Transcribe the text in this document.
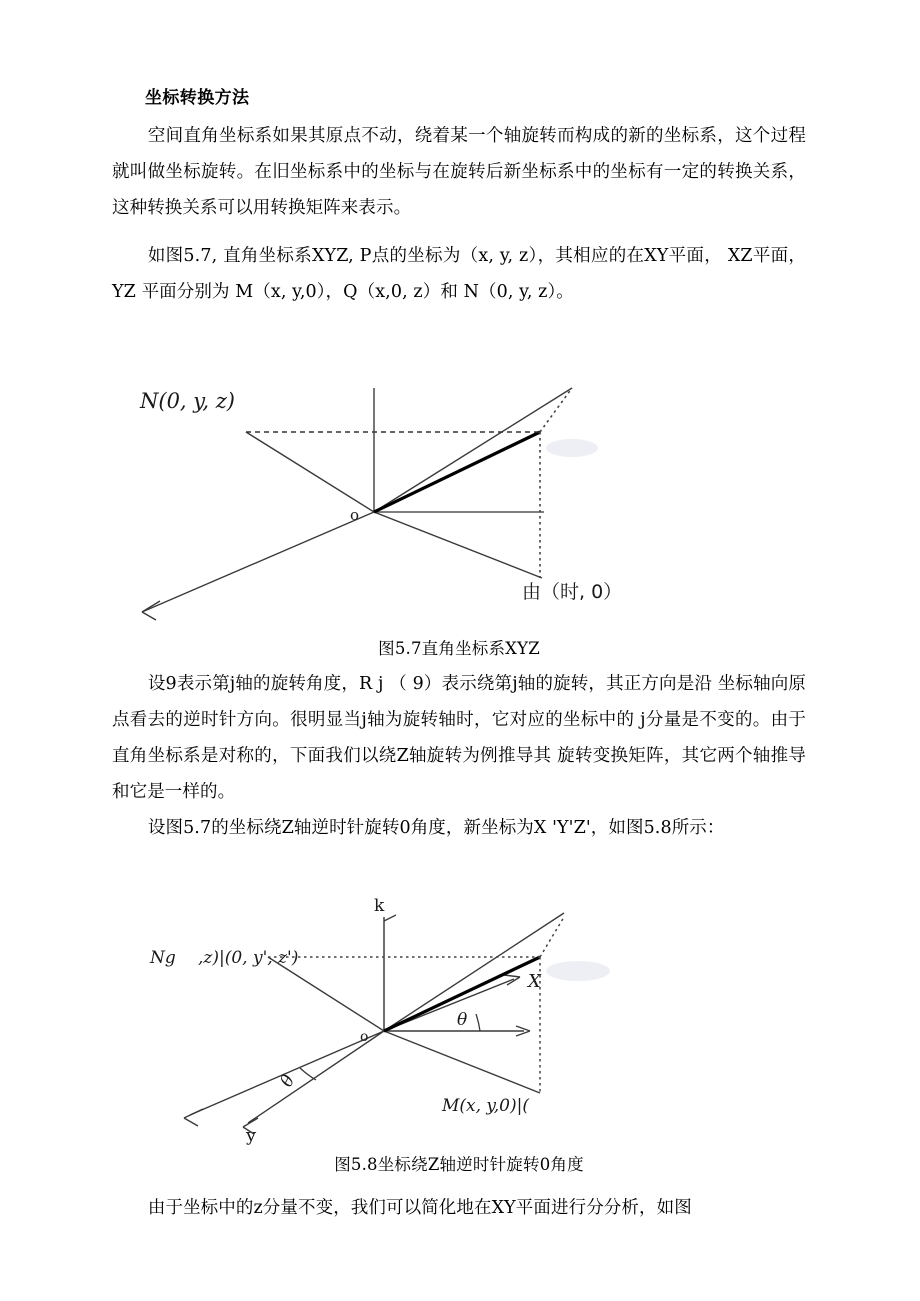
坐标转换方法

空间直角坐标系如果其原点不动，绕着某一个轴旋转而构成的新的坐标系，这个过程就叫做坐标旋转。在旧坐标系中的坐标与在旋转后新坐标系中的坐标有一定的转换关系，这种转换关系可以用转换矩阵来表示。

如图5.7, 直角坐标系XYZ, P点的坐标为（x, y, z），其相应的在XY平面， XZ平面，YZ 平面分别为 M（x, y,0），Q（x,0, z）和 N（0, y, z）。

N(0, y, z)
o
由（时, 0）

图5.7直角坐标系XYZ

设9表示第j轴的旋转角度，R j （ 9）表示绕第j轴的旋转，其正方向是沿 坐标轴向原点看去的逆时针方向。很明显当j轴为旋转轴时，它对应的坐标中的 j分量是不变的。由于直角坐标系是对称的，下面我们以绕Z轴旋转为例推导其 旋转变换矩阵，其它两个轴推导和它是一样的。

设图5.7的坐标绕Z轴逆时针旋转0角度，新坐标为X 'Y'Z'，如图5.8所示：

k
Ng ,z)|(0, y', z')
o
θ
θ
X
M(x, y,0)|(
y

图5.8坐标绕Z轴逆时针旋转0角度

由于坐标中的z分量不变，我们可以简化地在XY平面进行分分析，如图
